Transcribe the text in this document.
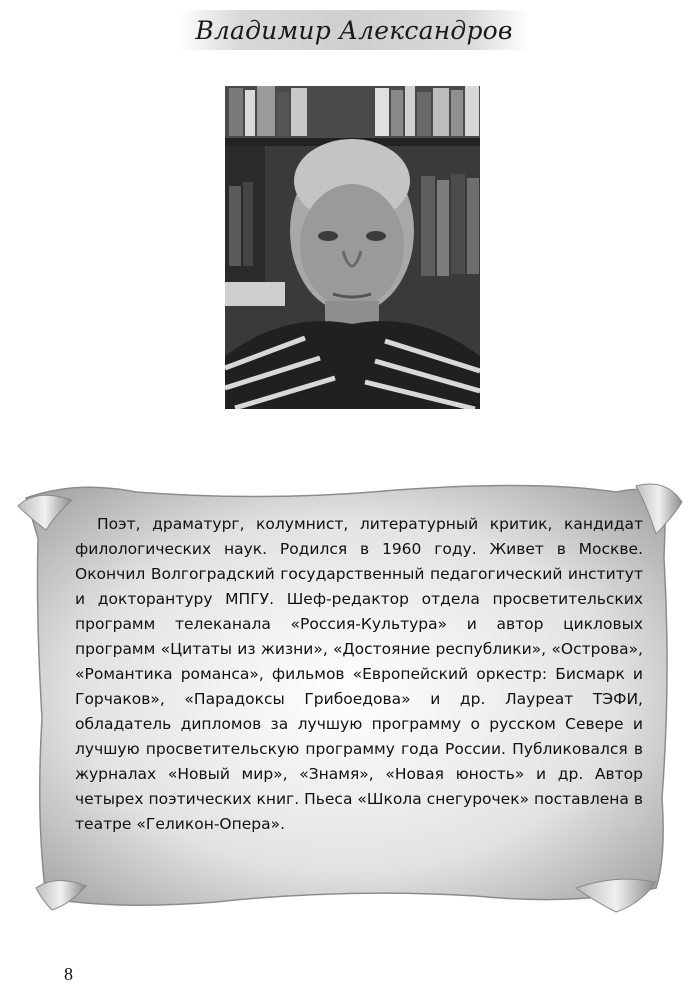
Владимир Александров
Поэт, драматург, колумнист, литературный критик, кандидат филологических наук. Родился в 1960 году. Живет в Москве. Окончил Волгоградский государственный педагогический институт и докторантуру МПГУ. Шеф-редактор отдела просветительских программ телеканала «Россия-Культура» и автор цикловых программ «Цитаты из жизни», «Достояние республики», «Острова», «Романтика романса», фильмов «Европейский оркестр: Бисмарк и Горчаков», «Парадоксы Грибоедова» и др. Лауреат ТЭФИ, обладатель дипломов за лучшую программу о русском Севере и лучшую просветительскую программу года России. Публиковался в журналах «Новый мир», «Знамя», «Новая юность» и др. Автор четырех поэтических книг. Пьеса «Школа снегурочек» поставлена в театре «Геликон-Опера».
8
